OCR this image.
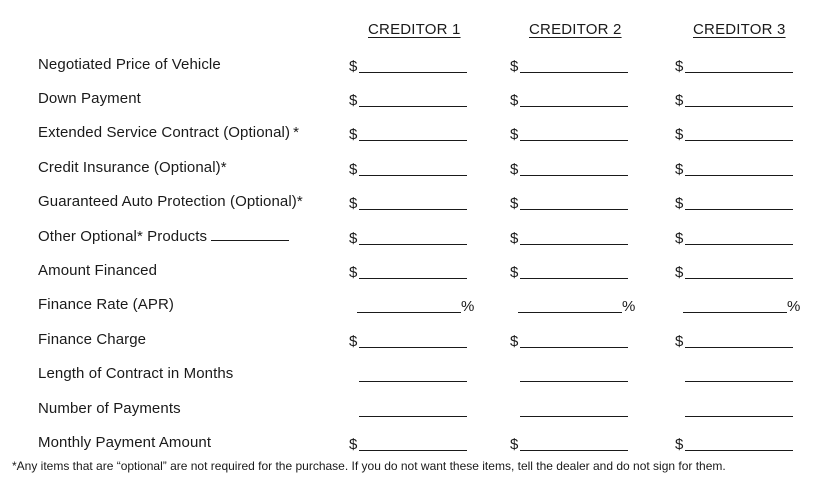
CREDITOR 1	CREDITOR 2	CREDITOR 3
Negotiated Price of Vehicle	$	$	$
Down Payment	$	$	$
Extended Service Contract (Optional) *	$	$	$
Credit Insurance (Optional)*	$	$	$
Guaranteed Auto Protection (Optional)*	$	$	$
Other Optional* Products	$	$	$
Amount Financed	$	$	$
Finance Rate (APR)	%	%	%
Finance Charge	$	$	$
Length of Contract in Months
Number of Payments
Monthly Payment Amount	$	$	$
*Any items that are “optional” are not required for the purchase. If you do not want these items, tell the dealer and do not sign for them.
